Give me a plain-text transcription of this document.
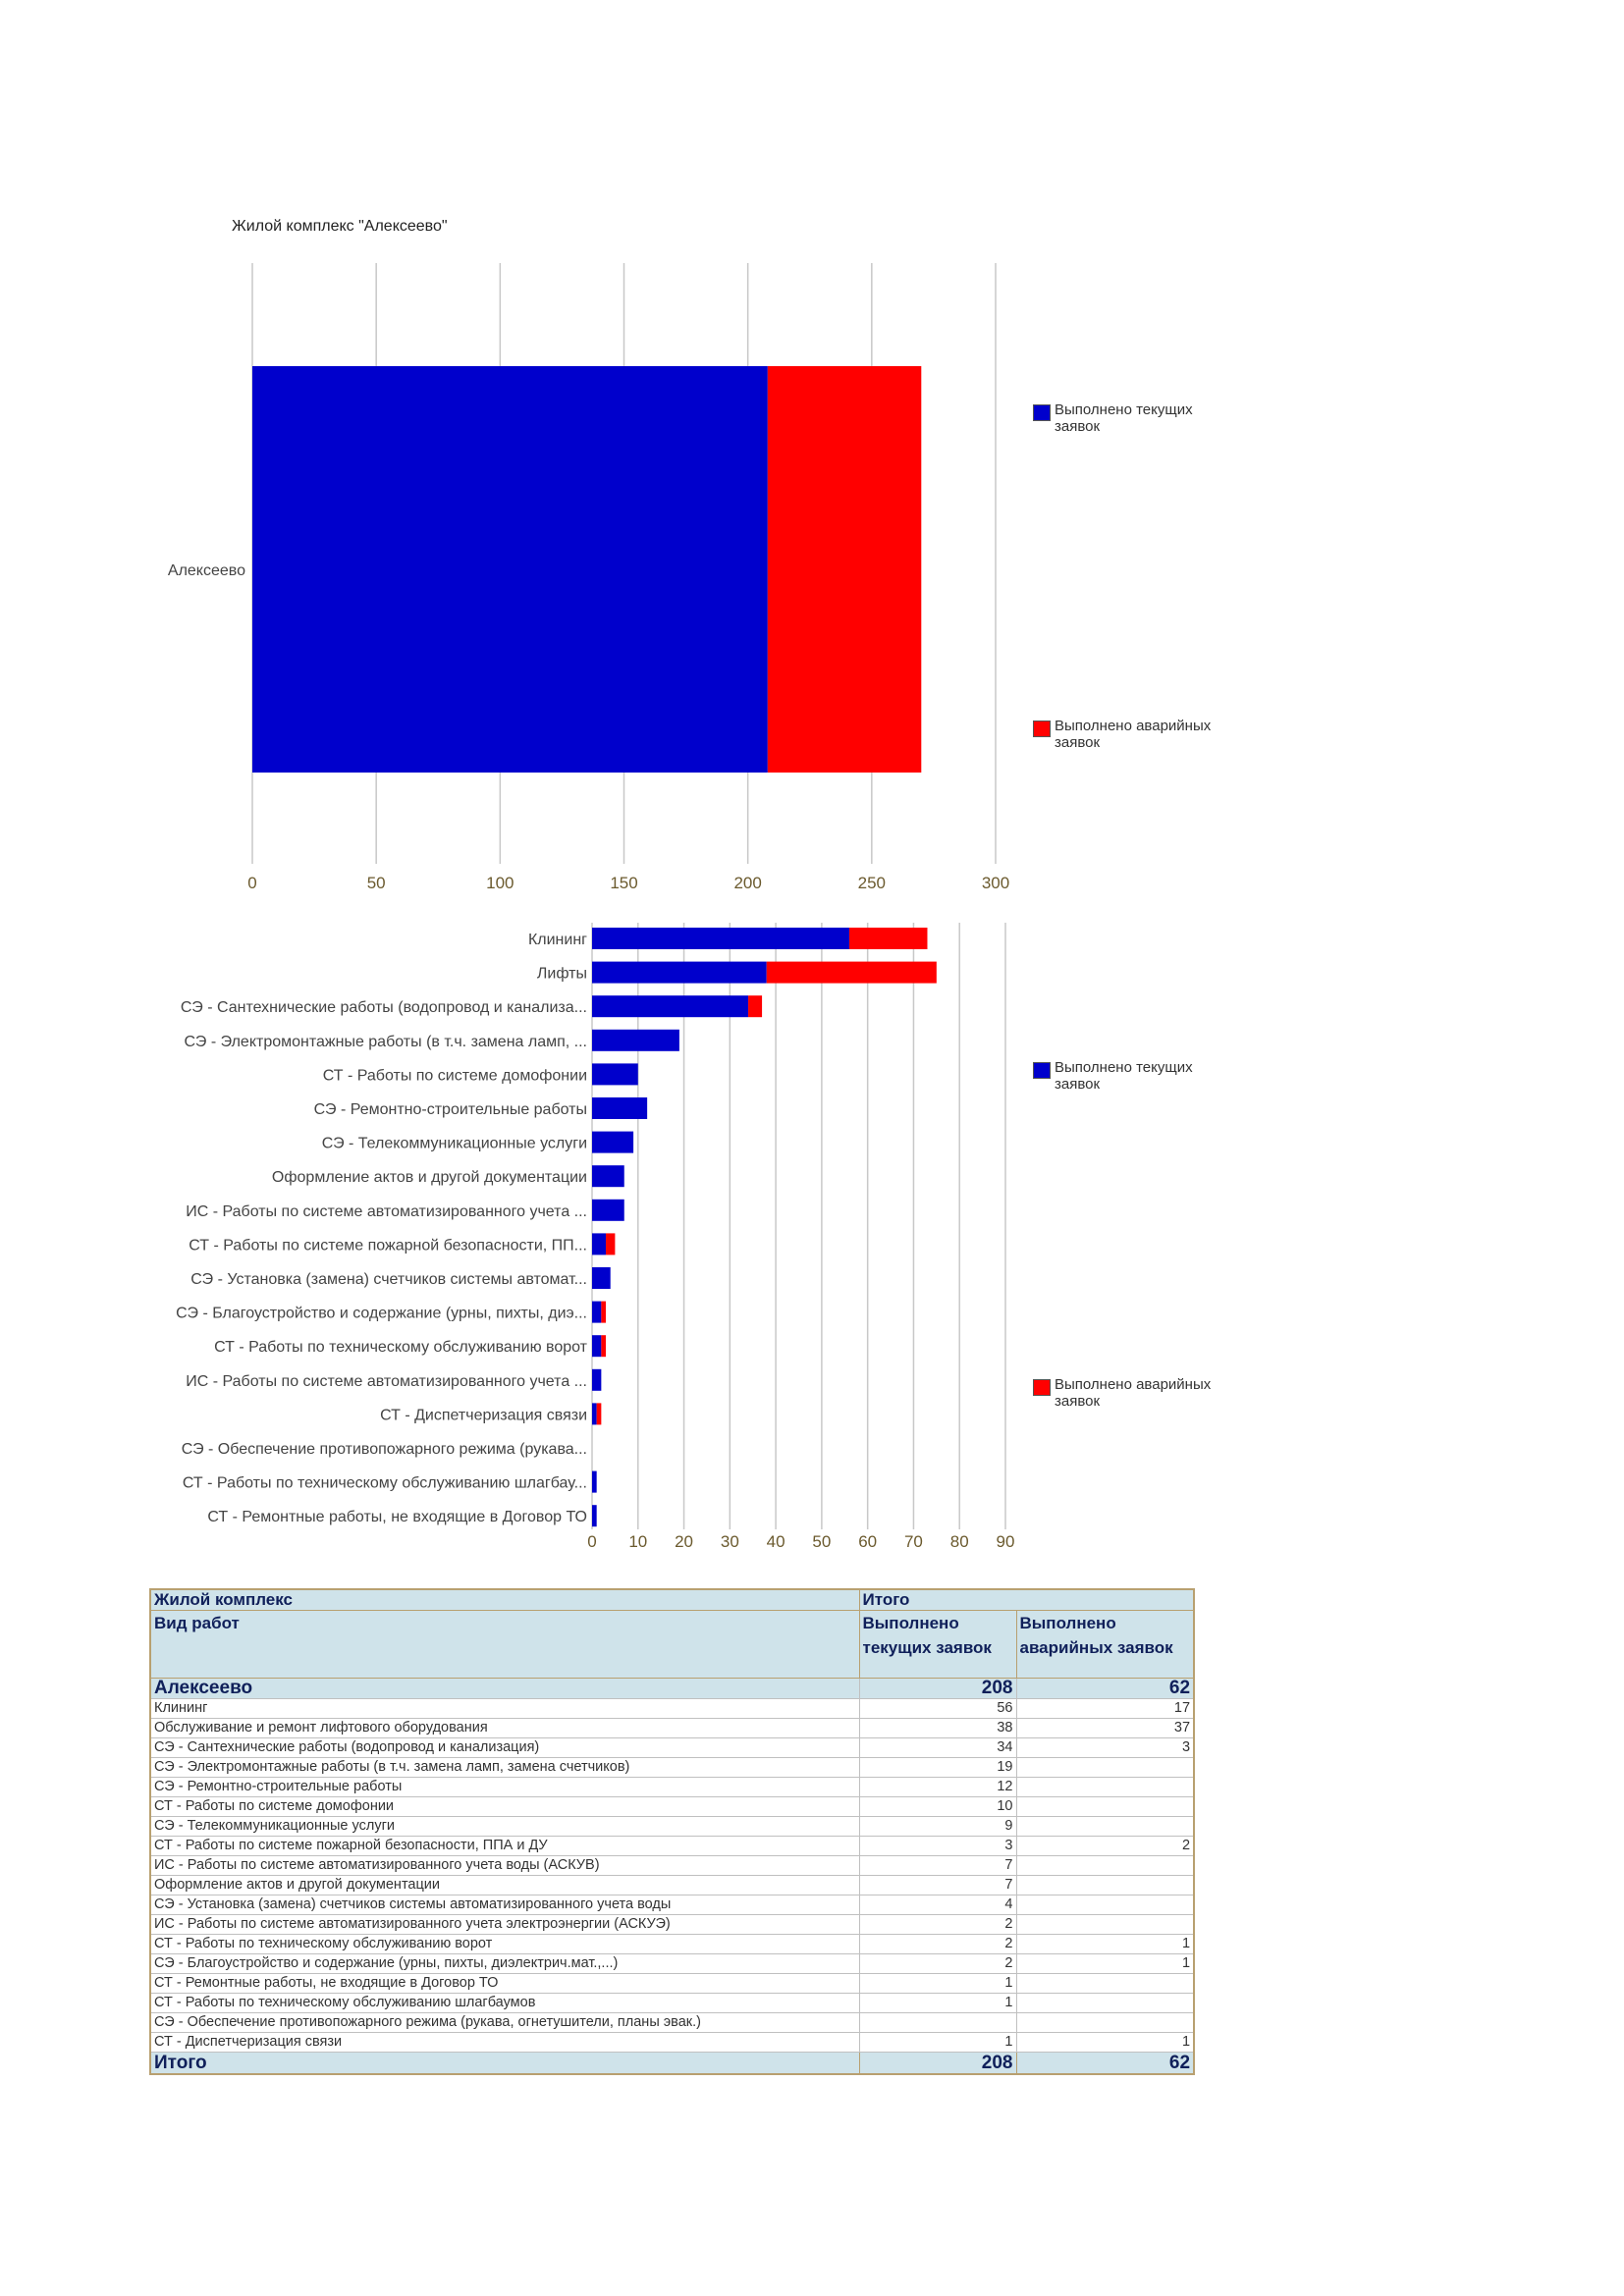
Жилой комплекс "Алексеево"
0	50	100	150	200	250	300
Алексеево
0 10 20 30 40 50 60 70 80 90
Клининг
Лифты
СЭ - Сантехнические работы (водопровод и канализа...
СЭ - Электромонтажные работы (в т.ч. замена ламп, ...
СТ - Работы по системе домофонии
СЭ - Ремонтно-строительные работы
СЭ - Телекоммуникационные услуги
Оформление актов и другой документации
ИС - Работы по системе автоматизированного учета ...
СТ - Работы по системе пожарной безопасности, ПП...
СЭ - Установка (замена) счетчиков системы автомат...
СЭ - Благоустройство и содержание (урны, пихты, диэ...
СТ - Работы по техническому обслуживанию ворот
ИС - Работы по системе автоматизированного учета ...
СТ - Диспетчеризация связи
СЭ - Обеспечение противопожарного режима (рукава...
СТ - Работы по техническому обслуживанию шлагбау...
СТ - Ремонтные работы, не входящие в Договор ТО
Выполнено текущих заявок
Выполнено аварийных заявок
Выполнено текущих заявок
Выполнено аварийных заявок
Жилой комплекс	Итого	
Вид работ	Выполнено текущих заявок	Выполнено аварийных заявок
Алексеево	208	62
Клининг	56	17
Обслуживание и ремонт лифтового оборудования	38	37
СЭ - Сантехнические работы (водопровод и канализация)	34	3
СЭ - Электромонтажные работы (в т.ч. замена ламп, замена счетчиков)	19	
СЭ - Ремонтно-строительные работы	12	
СТ - Работы по системе домофонии	10	
СЭ - Телекоммуникационные услуги	9	
СТ - Работы по системе пожарной безопасности, ППА и ДУ	3	2
ИС - Работы по системе автоматизированного учета воды (АСКУВ)	7	
Оформление актов и другой документации	7	
СЭ - Установка (замена) счетчиков системы автоматизированного учета воды	4	
ИС - Работы по системе автоматизированного учета электроэнергии (АСКУЭ)	2	
СТ - Работы по техническому обслуживанию ворот	2	1
СЭ - Благоустройство и содержание (урны, пихты, диэлектрич.мат.,...)	2	1
СТ - Ремонтные работы, не входящие в Договор ТО	1	
СТ - Работы по техническому обслуживанию шлагбаумов	1	
СЭ - Обеспечение противопожарного режима (рукава, огнетушители, планы эвак.)		
СТ - Диспетчеризация связи	1	1
Итого	208	62
